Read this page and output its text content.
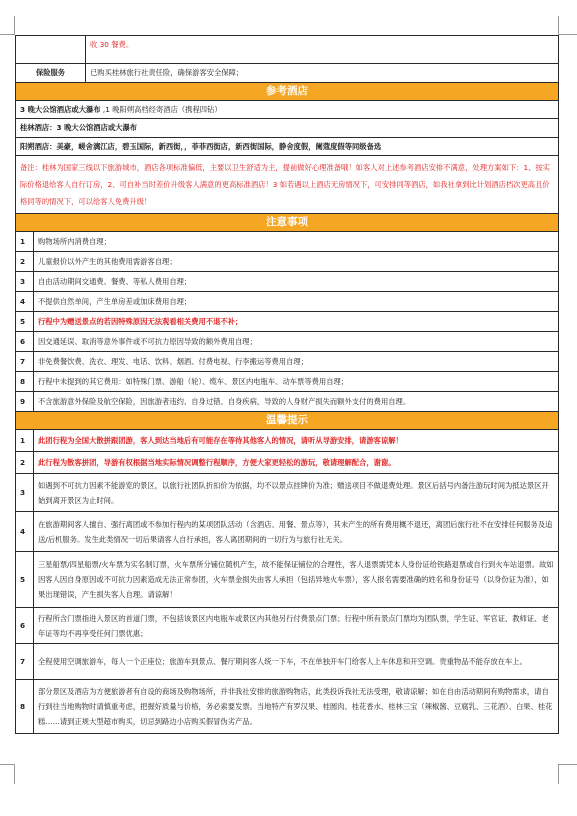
	收 30 餐费。
保险服务	已购买桂林旅行社责任险，确保游客安全保障；
参考酒店
3 晚大公馆酒店或大瀑布 ,1 晚阳朔高档经寄酒店（携程四钻）
桂林酒店：3 晚大公馆酒店或大瀑布
阳朔酒店：美豪，嵯舍漓江店，碧玉国际，新西街，，菲菲西街店，新西街国际，静舍度假，阑蔻度假等同级备选
备注：桂林为国家三线以下旅游城市，酒店各项标准偏低，主要以卫生舒适为主，提前做好心理准备哦！如客人对上述参考酒店安排不满意，处理方案如下：1、按实际价格退给客人自行订房，2、可自补当时差价升级客人满意的更高标准酒店！3 如若遇以上酒店无房情况下，可安排同等酒店，如我社拿到比计划酒店档次更高且价格同等的情况下，可以给客人免费升级！
注意事项	
1	购物场所内消费自理；
2	儿童报价以外产生的其他费用需游客自理；
3	自由活动期间交通费、餐费、等私人费用自理；
4	不提供自然单间，产生单房差或加床费用自理；
5	行程中为赠送景点的若因特殊原因无法观看相关费用不退不补；
6	因交通延误、取消等意外事件或不可抗力原因导致的额外费用自理；
7	非免费餐饮费、洗衣、理发、电话、饮料、烟酒、付费电视、行李搬运等费用自理；
8	行程中未提到的其它费用：如特殊门票、游船（轮）、缆车、景区内电瓶车、动车票等费用自理；
9	不含旅游意外保险及航空保险，因旅游者违约、自身过错、自身疾病，导致的人身财产损失而额外支付的费用自理。
温馨提示	
1	此团行程为全国大散拼跟团游，客人到达当地后有可能存在等待其他客人的情况，请听从导游安排，请游客谅解！
2	此行程为散客拼团，导游有权根据当地实际情况调整行程顺序，方便大家更轻松的游玩，敬请理解配合，谢谢。
3	如遇到不可抗力因素不能游览的景区，以旅行社团队折扣价为依据，均不以景点挂牌价为准；赠送项目不做退费处理。景区后括号内备注游玩时间为抵达景区开始到离开景区为止时间。
4	在旅游期间客人擅自、强行离团或不参加行程内的某项团队活动（含酒店、用餐、景点等），其未产生的所有费用概不退还，离团后旅行社不在安排任何服务及追送/后机服务。发生此类情况一切后果请客人自行承担，客人离团期间的一切行为与旅行社无关。
5	三星船票/四星船票/火车票为实名制订票，火车票所分铺位随机产生，故不能保证铺位的合理性，客人退票需凭本人身份证给铁路退票或自行到火车站退票。故如因客人因自身原因或不可抗力因素造成无法正常参团，火车票金损失由客人承担（包括异地火车票），客人报名需要准确的姓名和身份证号（以身份证为准），如果出现错误，产生损失客人自理。请谅解！
6	行程所含门票指进入景区的首道门票，不包括该景区内电瓶车或景区内其他另行付费景点门票；行程中所有景点门票均为团队票，学生证、军官证、教师证、老年证等均不再享受任何门票优惠；
7	全程使用空调旅游车，每人一个正座位；旅游车到景点、餐厅期间客人统一下车，不在单独开车门给客人上车休息和开空调。贵重物品不能存放在车上。
8	部分景区及酒店为方便旅游者有自设的商场及购物场所，并非我社安排的旅游购物店，此类投诉我社无法受理，敬请谅解；如在自由活动期间有购物需求，请自行到往当地购物时请慎重考虑，把握好质量与价格，务必索要发票。当地特产有罗汉果、桂圆肉、桂花香水、桂林三宝（辣椒酱、豆腐乳、三花酒）、白果、桂花糕……请到正规大型超市购买，切忌到路边小店购买假冒伪劣产品。
